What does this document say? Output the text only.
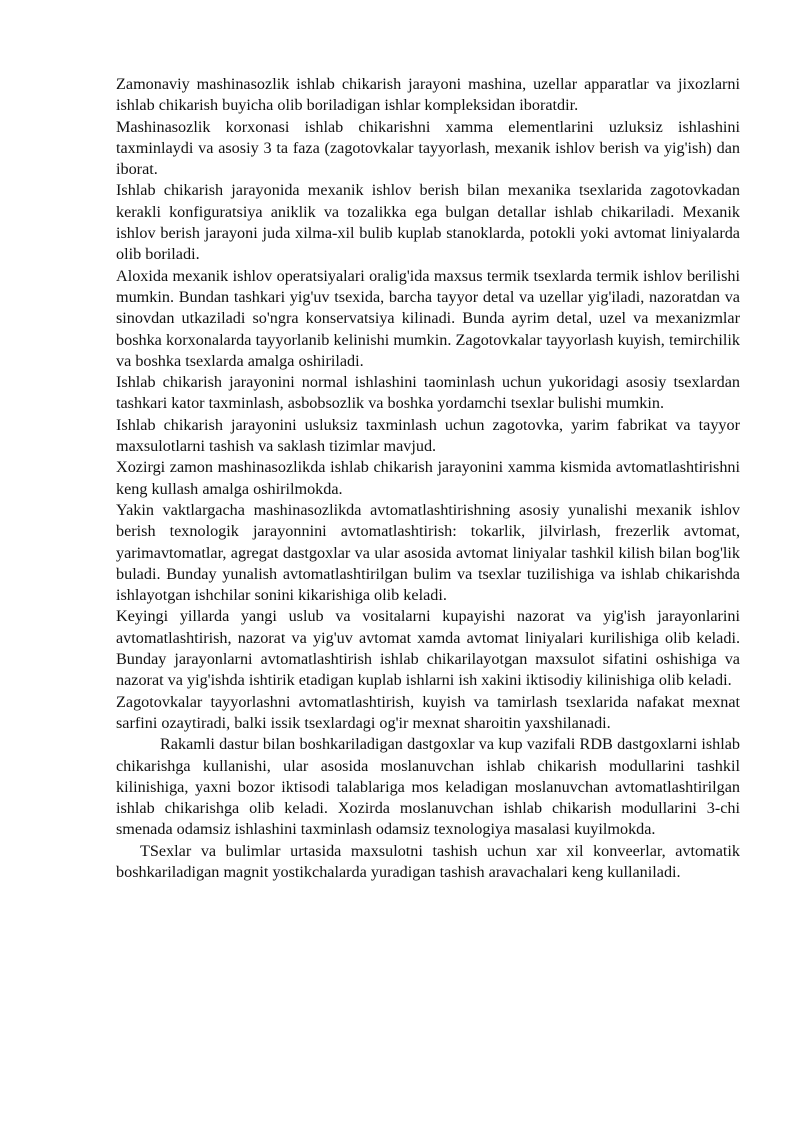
Zamonaviy mashinasozlik ishlab chikarish jarayoni mashina, uzellar apparatlar va jixozlarni ishlab chikarish buyicha olib boriladigan ishlar kompleksidan iboratdir.

Mashinasozlik korxonasi ishlab chikarishni xamma elementlarini uzluksiz ishlashini taxminlaydi va asosiy 3 ta faza (zagotovkalar tayyorlash, mexanik ishlov berish va yig'ish) dan iborat.

Ishlab chikarish jarayonida mexanik ishlov berish bilan mexanika tsexlarida zagotovkadan kerakli konfiguratsiya aniklik va tozalikka ega bulgan detallar ishlab chikariladi. Mexanik ishlov berish jarayoni juda xilma-xil bulib kuplab stanoklarda, potokli yoki avtomat liniyalarda olib boriladi.

Aloxida mexanik ishlov operatsiyalari oralig'ida maxsus termik tsexlarda termik ishlov berilishi mumkin. Bundan tashkari yig'uv tsexida, barcha tayyor detal va uzellar yig'iladi, nazoratdan va sinovdan utkaziladi so'ngra konservatsiya kilinadi. Bunda ayrim detal, uzel va mexanizmlar boshka korxonalarda tayyorlanib kelinishi mumkin. Zagotovkalar tayyorlash kuyish, temirchilik va boshka tsexlarda amalga oshiriladi.

Ishlab chikarish jarayonini normal ishlashini taominlash uchun yukoridagi asosiy tsexlardan tashkari kator taxminlash, asbobsozlik va boshka yordamchi tsexlar bulishi mumkin.

Ishlab chikarish jarayonini usluksiz taxminlash uchun zagotovka, yarim fabrikat va tayyor maxsulotlarni tashish va saklash tizimlar mavjud.

Xozirgi zamon mashinasozlikda ishlab chikarish jarayonini xamma kismida avtomatlashtirishni keng kullash amalga oshirilmokda.

Yakin vaktlargacha mashinasozlikda avtomatlashtirishning asosiy yunalishi mexanik ishlov berish texnologik jarayonnini avtomatlashtirish: tokarlik, jilvirlash, frezerlik avtomat, yarimavtomatlar, agregat dastgoxlar va ular asosida avtomat liniyalar tashkil kilish bilan bog'lik buladi. Bunday yunalish avtomatlashtirilgan bulim va tsexlar tuzilishiga va ishlab chikarishda ishlayotgan ishchilar sonini kikarishiga olib keladi.

Keyingi yillarda yangi uslub va vositalarni kupayishi nazorat va yig'ish jarayonlarini avtomatlashtirish, nazorat va yig'uv avtomat xamda avtomat liniyalari kurilishiga olib keladi. Bunday jarayonlarni avtomatlashtirish ishlab chikarilayotgan maxsulot sifatini oshishiga va nazorat va yig'ishda ishtirik etadigan kuplab ishlarni ish xakini iktisodiy kilinishiga olib keladi.

Zagotovkalar tayyorlashni avtomatlashtirish, kuyish va tamirlash tsexlarida nafakat mexnat sarfini ozaytiradi, balki issik tsexlardagi og'ir mexnat sharoitin yaxshilanadi.

Rakamli dastur bilan boshkariladigan dastgoxlar va kup vazifali RDB dastgoxlarni ishlab chikarishga kullanishi, ular asosida moslanuvchan ishlab chikarish modullarini tashkil kilinishiga, yaxni bozor iktisodi talablariga mos keladigan moslanuvchan avtomatlashtirilgan ishlab chikarishga olib keladi. Xozirda moslanuvchan ishlab chikarish modullarini 3-chi smenada odamsiz ishlashini taxminlash odamsiz texnologiya masalasi kuyilmokda.

TSexlar va bulimlar urtasida maxsulotni tashish uchun xar xil konveerlar, avtomatik boshkariladigan magnit yostikchalarda yuradigan tashish aravachalari keng kullaniladi.
